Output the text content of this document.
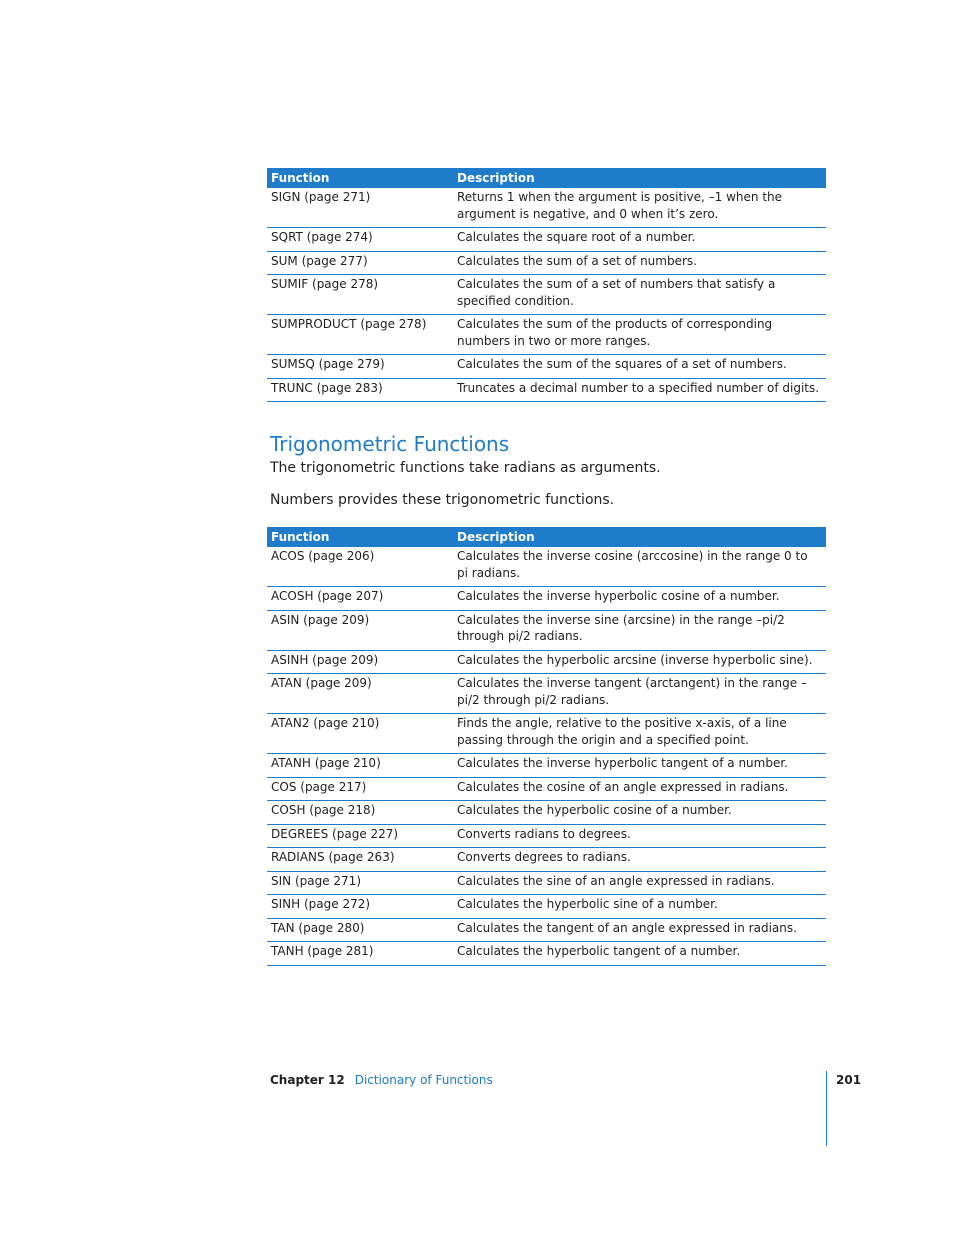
Function	Description
SIGN (page 271)	Returns 1 when the argument is positive, –1 when the argument is negative, and 0 when it’s zero.
SQRT (page 274)	Calculates the square root of a number.
SUM (page 277)	Calculates the sum of a set of numbers.
SUMIF (page 278)	Calculates the sum of a set of numbers that satisfy a specified condition.
SUMPRODUCT (page 278)	Calculates the sum of the products of corresponding numbers in two or more ranges.
SUMSQ (page 279)	Calculates the sum of the squares of a set of numbers.
TRUNC (page 283)	Truncates a decimal number to a specified number of digits.
Trigonometric Functions

The trigonometric functions take radians as arguments.

Numbers provides these trigonometric functions.

Function	Description
ACOS (page 206)	Calculates the inverse cosine (arccosine) in the range 0 to pi radians.
ACOSH (page 207)	Calculates the inverse hyperbolic cosine of a number.
ASIN (page 209)	Calculates the inverse sine (arcsine) in the range –pi/2 through pi/2 radians.
ASINH (page 209)	Calculates the hyperbolic arcsine (inverse hyperbolic sine).
ATAN (page 209)	Calculates the inverse tangent (arctangent) in the range –pi/2 through pi/2 radians.
ATAN2 (page 210)	Finds the angle, relative to the positive x-axis, of a line passing through the origin and a specified point.
ATANH (page 210)	Calculates the inverse hyperbolic tangent of a number.
COS (page 217)	Calculates the cosine of an angle expressed in radians.
COSH (page 218)	Calculates the hyperbolic cosine of a number.
DEGREES (page 227)	Converts radians to degrees.
RADIANS (page 263)	Converts degrees to radians.
SIN (page 271)	Calculates the sine of an angle expressed in radians.
SINH (page 272)	Calculates the hyperbolic sine of a number.
TAN (page 280)	Calculates the tangent of an angle expressed in radians.
TANH (page 281)	Calculates the hyperbolic tangent of a number.
Chapter 12 Dictionary of Functions	201
